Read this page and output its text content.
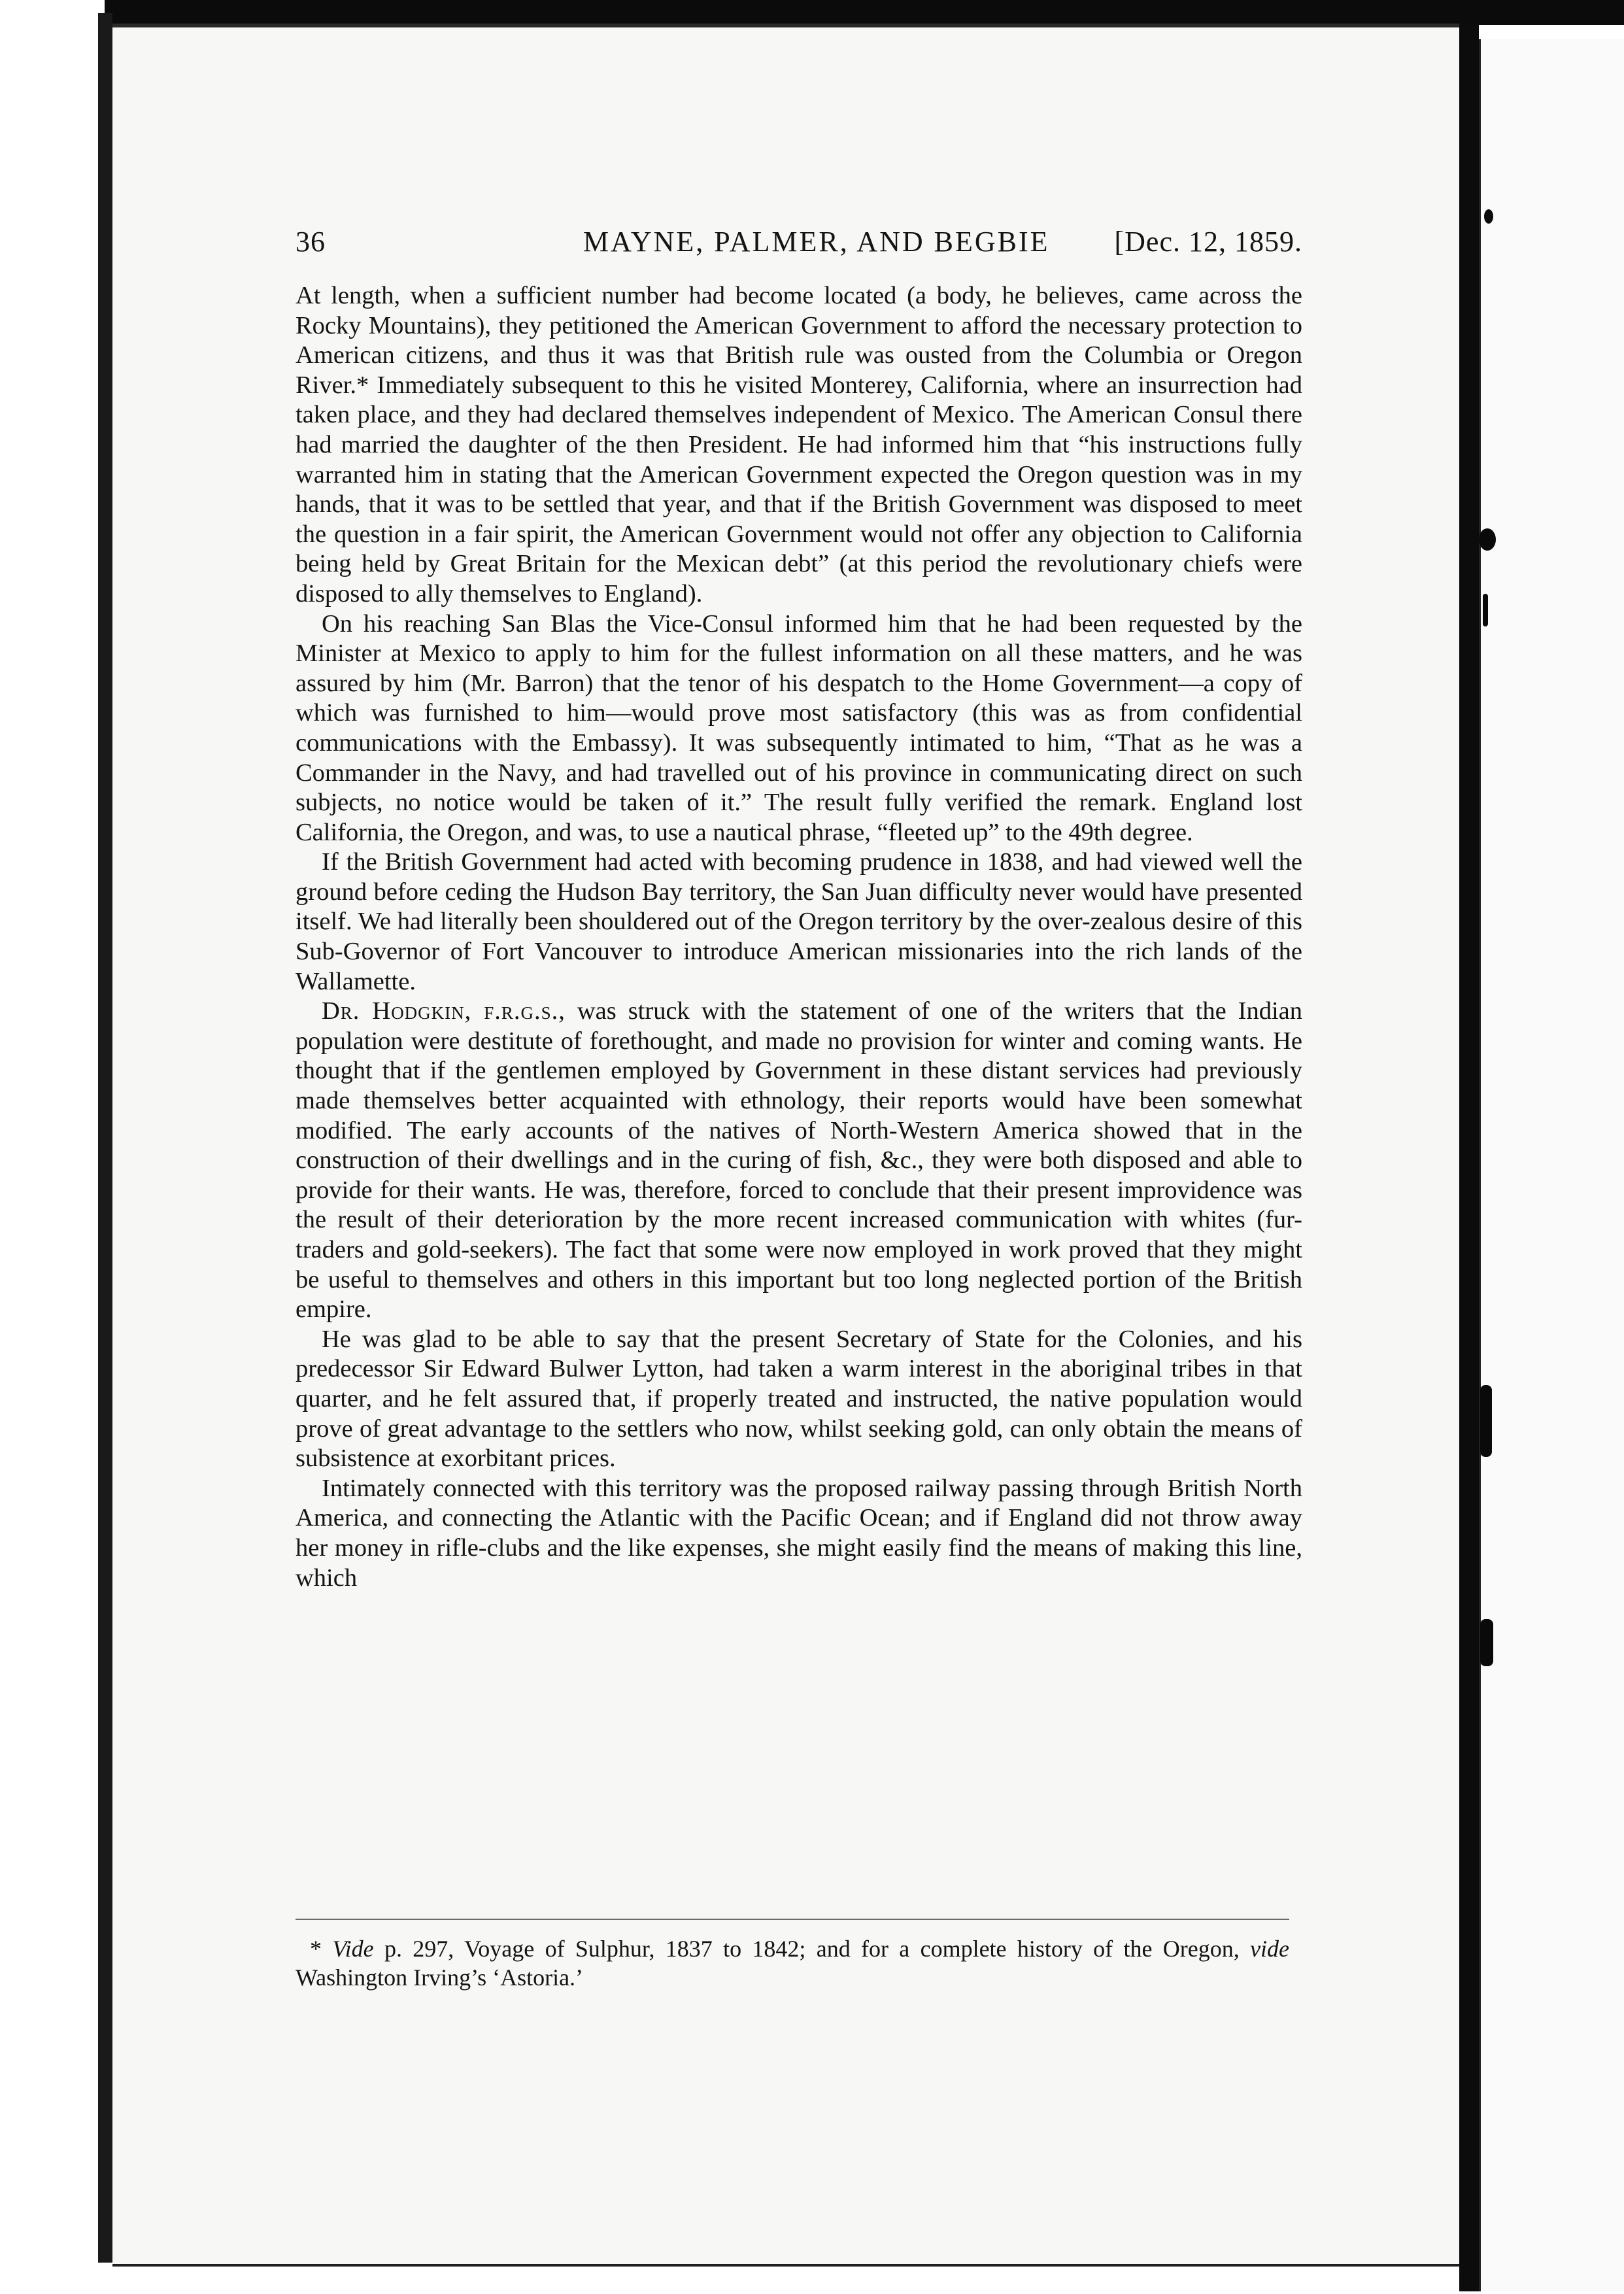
36	MAYNE, PALMER, AND BEGBIE [Dec. 12, 1859.

At length, when a sufficient number had become located (a body, he believes, came across the Rocky Mountains), they petitioned the American Government to afford the necessary protection to American citizens, and thus it was that British rule was ousted from the Columbia or Oregon River.* Immediately subsequent to this he visited Monterey, California, where an insurrection had taken place, and they had declared themselves independent of Mexico. The American Consul there had married the daughter of the then President. He had informed him that “his instructions fully warranted him in stating that the American Government expected the Oregon question was in my hands, that it was to be settled that year, and that if the British Government was disposed to meet the question in a fair spirit, the American Government would not offer any objection to California being held by Great Britain for the Mexican debt” (at this period the revolutionary chiefs were disposed to ally themselves to England).

On his reaching San Blas the Vice-Consul informed him that he had been requested by the Minister at Mexico to apply to him for the fullest information on all these matters, and he was assured by him (Mr. Barron) that the tenor of his despatch to the Home Government—a copy of which was furnished to him—would prove most satisfactory (this was as from confidential communications with the Embassy). It was subsequently intimated to him, “That as he was a Commander in the Navy, and had travelled out of his province in communicating direct on such subjects, no notice would be taken of it.” The result fully verified the remark. England lost California, the Oregon, and was, to use a nautical phrase, “fleeted up” to the 49th degree.

If the British Government had acted with becoming prudence in 1838, and had viewed well the ground before ceding the Hudson Bay territory, the San Juan difficulty never would have presented itself. We had literally been shouldered out of the Oregon territory by the over-zealous desire of this Sub-Governor of Fort Vancouver to introduce American missionaries into the rich lands of the Wallamette.

Dr. Hodgkin, f.r.g.s., was struck with the statement of one of the writers that the Indian population were destitute of forethought, and made no provision for winter and coming wants. He thought that if the gentlemen employed by Government in these distant services had previously made themselves better acquainted with ethnology, their reports would have been somewhat modified. The early accounts of the natives of North-Western America showed that in the construction of their dwellings and in the curing of fish, &c., they were both disposed and able to provide for their wants. He was, therefore, forced to conclude that their present improvidence was the result of their deterioration by the more recent increased communication with whites (fur-traders and gold-seekers). The fact that some were now employed in work proved that they might be useful to themselves and others in this important but too long neglected portion of the British empire.

He was glad to be able to say that the present Secretary of State for the Colonies, and his predecessor Sir Edward Bulwer Lytton, had taken a warm interest in the aboriginal tribes in that quarter, and he felt assured that, if properly treated and instructed, the native population would prove of great advantage to the settlers who now, whilst seeking gold, can only obtain the means of subsistence at exorbitant prices.

Intimately connected with this territory was the proposed railway passing through British North America, and connecting the Atlantic with the Pacific Ocean; and if England did not throw away her money in rifle-clubs and the like expenses, she might easily find the means of making this line, which

* Vide p. 297, Voyage of Sulphur, 1837 to 1842; and for a complete history of the Oregon, vide Washington Irving’s ‘Astoria.’
